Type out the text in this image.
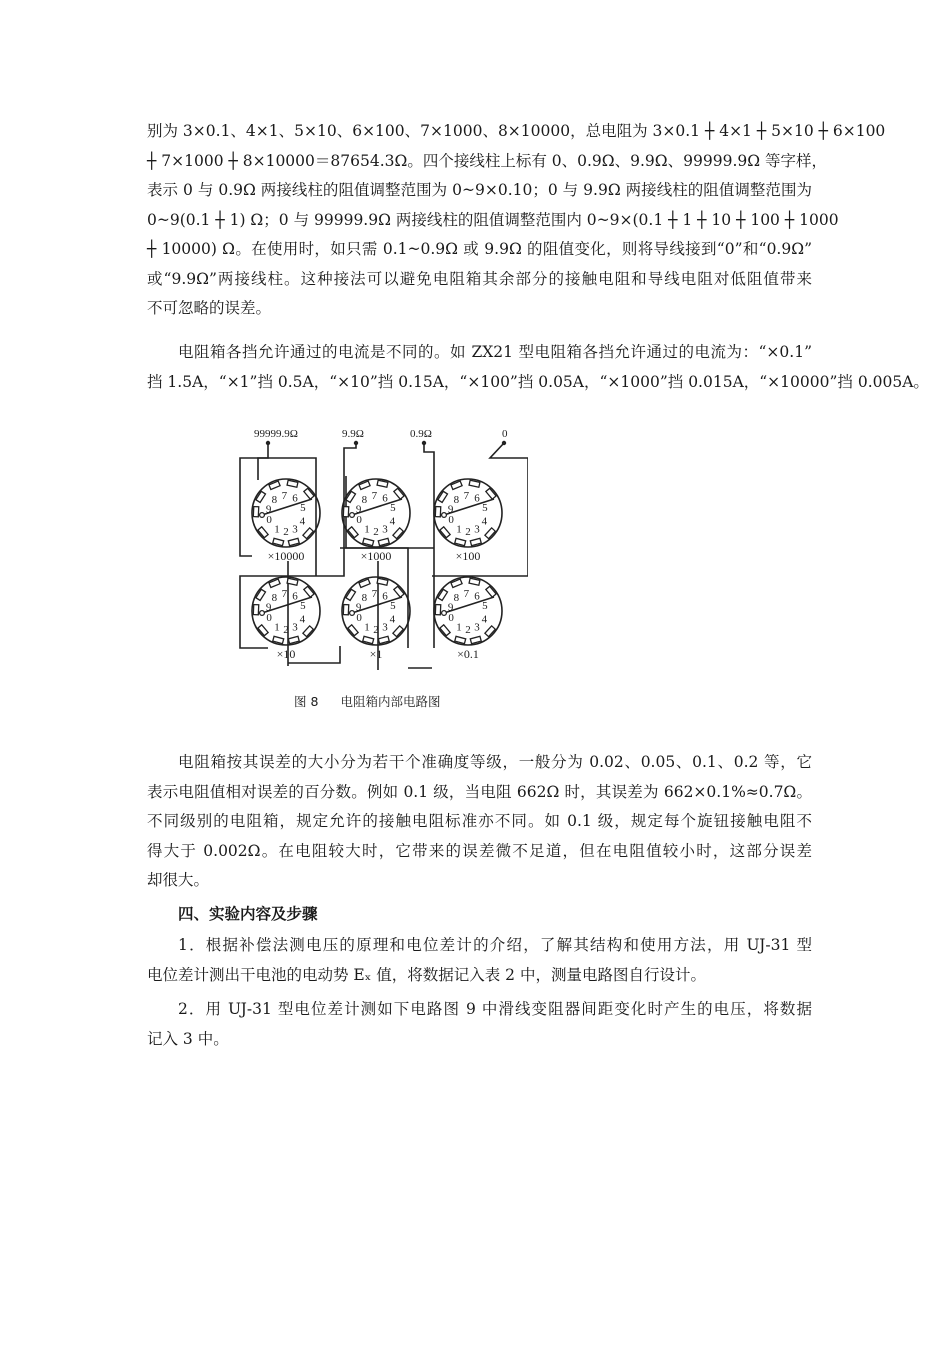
别为 3×0.1、4×1、5×10、6×100、7×1000、8×10000，总电阻为 3×0.1 ┼ 4×1 ┼ 5×10 ┼ 6×100
┼ 7×1000 ┼ 8×10000＝87654.3Ω。四个接线柱上标有 0、0.9Ω、9.9Ω、99999.9Ω 等字样，
表示 0 与 0.9Ω 两接线柱的阻值调整范围为 0~9×0.10；0 与 9.9Ω 两接线柱的阻值调整范围为
0~9(0.1 ┼ 1) Ω；0 与 99999.9Ω 两接线柱的阻值调整范围内 0~9×(0.1 ┼ 1 ┼ 10 ┼ 100 ┼ 1000
┼ 10000) Ω。在使用时，如只需 0.1~0.9Ω 或 9.9Ω 的阻值变化，则将导线接到“0”和“0.9Ω”
或“9.9Ω”两接线柱。这种接法可以避免电阻箱其余部分的接触电阻和导线电阻对低阻值带来
不可忽略的误差。
电阻箱各挡允许通过的电流是不同的。如 ZX21 型电阻箱各挡允许通过的电流为：“×0.1”
挡 1.5A，“×1”挡 0.5A，“×10”挡 0.15A，“×100”挡 0.05A，“×1000”挡 0.015A，“×10000”挡 0.005A。
0
1 2 3
4
5
6
7
8
9
×10000
0
1 2 3
4
5
6
7
8
9
×1000
0
1 2 3
4
5
6
7
8
9
×100
0
1 2 3
4
5
6
7
8
9
×10
0
1 2 3
4
5
6
7
8
9
×1
0
1 2 3
4
5
6
7
8
9
×0.1
99999.9Ω	9.9Ω	0.9Ω	0
图 8 电阻箱内部电路图
电阻箱按其误差的大小分为若干个准确度等级，一般分为 0.02、0.05、0.1、0.2 等，它
表示电阻值相对误差的百分数。例如 0.1 级，当电阻 662Ω 时，其误差为 662×0.1%≈0.7Ω。
不同级别的电阻箱，规定允许的接触电阻标准亦不同。如 0.1 级，规定每个旋钮接触电阻不
得大于 0.002Ω。在电阻较大时，它带来的误差微不足道，但在电阻值较小时，这部分误差
却很大。
四、实验内容及步骤
1．根据补偿法测电压的原理和电位差计的介绍，了解其结构和使用方法，用 UJ-31 型
电位差计测出干电池的电动势 Eₓ 值，将数据记入表 2 中，测量电路图自行设计。
2．用 UJ-31 型电位差计测如下电路图 9 中滑线变阻器间距变化时产生的电压，将数据
记入 3 中。
